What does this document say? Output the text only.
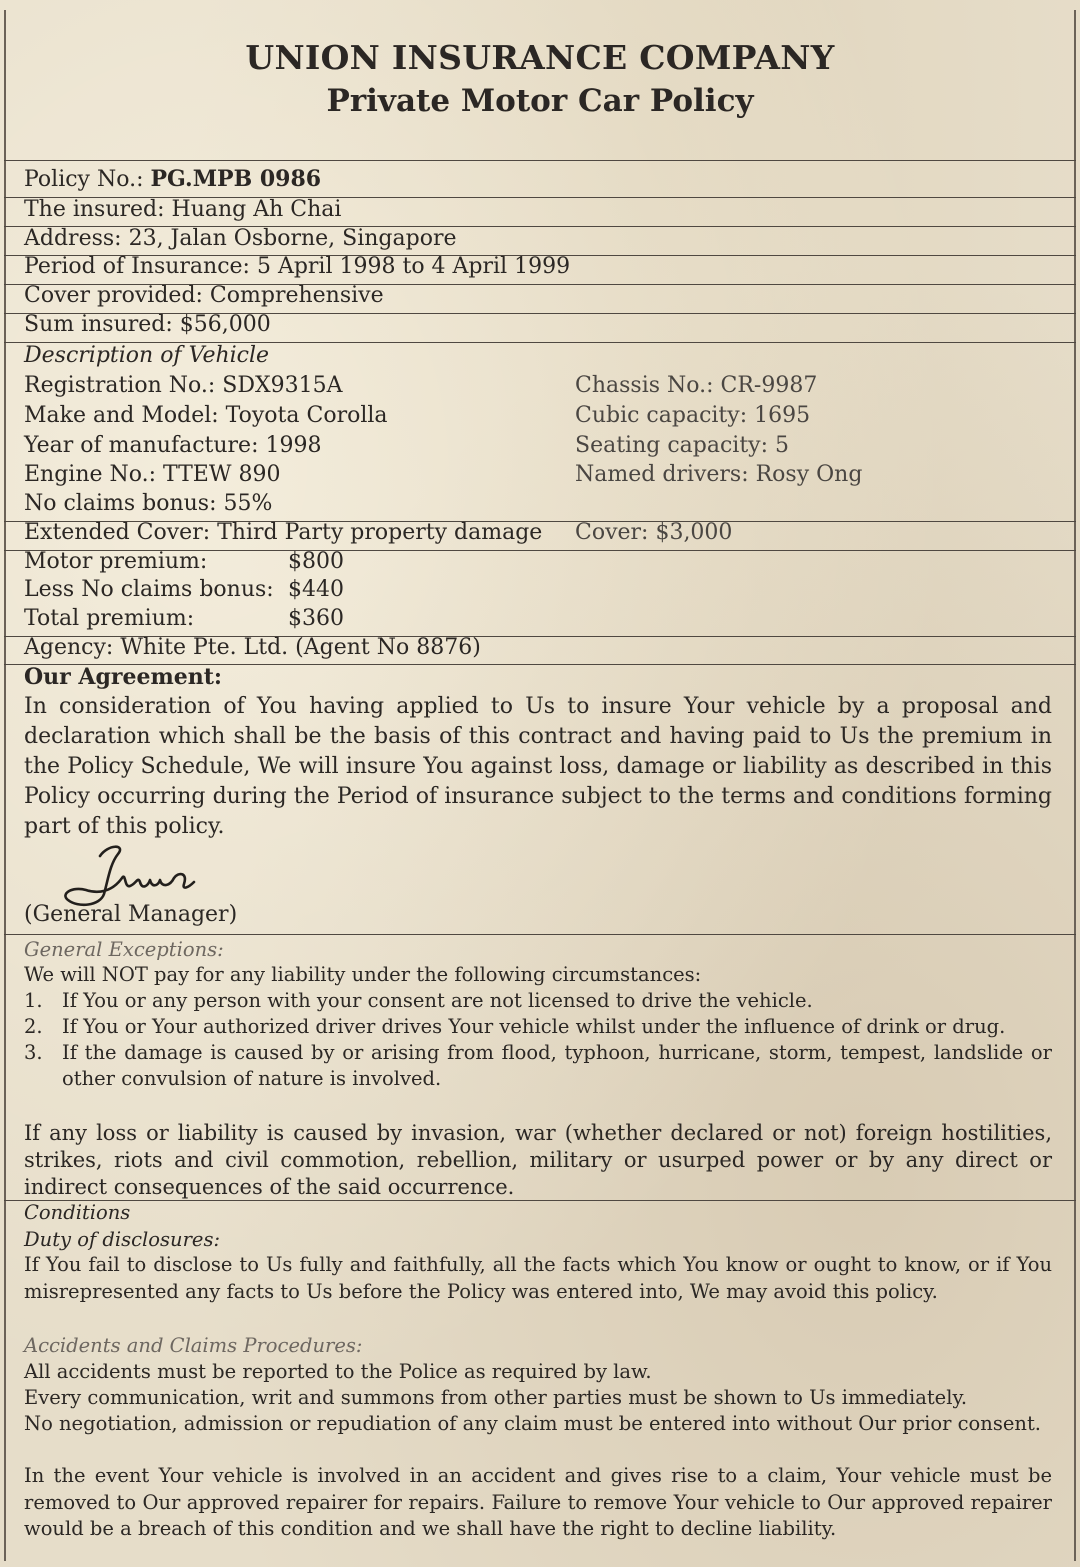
UNION INSURANCE COMPANY
Private Motor Car Policy
Policy No.: PG.MPB 0986
The insured: Huang Ah Chai
Address: 23, Jalan Osborne, Singapore
Period of Insurance: 5 April 1998 to 4 April 1999
Cover provided: Comprehensive
Sum insured: $56,000
Description of Vehicle
Registration No.: SDX9315A
Make and Model: Toyota Corolla
Year of manufacture: 1998
Engine No.: TTEW 890
No claims bonus: 55%
Chassis No.: CR-9987
Cubic capacity: 1695
Seating capacity: 5
Named drivers: Rosy Ong
Extended Cover: Third Party property damage Cover: $3,000
Motor premium:	$800
Less No claims bonus: $440
Total premium:	$360
Agency: White Pte. Ltd. (Agent No 8876)
Our Agreement:
In consideration of You having applied to Us to insure Your vehicle by a proposal and declaration which shall be the basis of this contract and having paid to Us the premium in the Policy Schedule, We will insure You against loss, damage or liability as described in this Policy occurring during the Period of insurance subject to the terms and conditions forming part of this policy.
(General Manager)
General Exceptions:
We will NOT pay for any liability under the following circumstances:
1. If You or any person with your consent are not licensed to drive the vehicle.
2. If You or Your authorized driver drives Your vehicle whilst under the influence of drink or drug.
3. If the damage is caused by or arising from flood, typhoon, hurricane, storm, tempest, landslide or other convulsion of nature is involved.
If any loss or liability is caused by invasion, war (whether declared or not) foreign hostilities, strikes, riots and civil commotion, rebellion, military or usurped power or by any direct or indirect consequences of the said occurrence.
Conditions
Duty of disclosures:
If You fail to disclose to Us fully and faithfully, all the facts which You know or ought to know, or if You misrepresented any facts to Us before the Policy was entered into, We may avoid this policy.
Accidents and Claims Procedures:
All accidents must be reported to the Police as required by law.
Every communication, writ and summons from other parties must be shown to Us immediately.
No negotiation, admission or repudiation of any claim must be entered into without Our prior consent.
In the event Your vehicle is involved in an accident and gives rise to a claim, Your vehicle must be removed to Our approved repairer for repairs. Failure to remove Your vehicle to Our approved repairer would be a breach of this condition and we shall have the right to decline liability.
